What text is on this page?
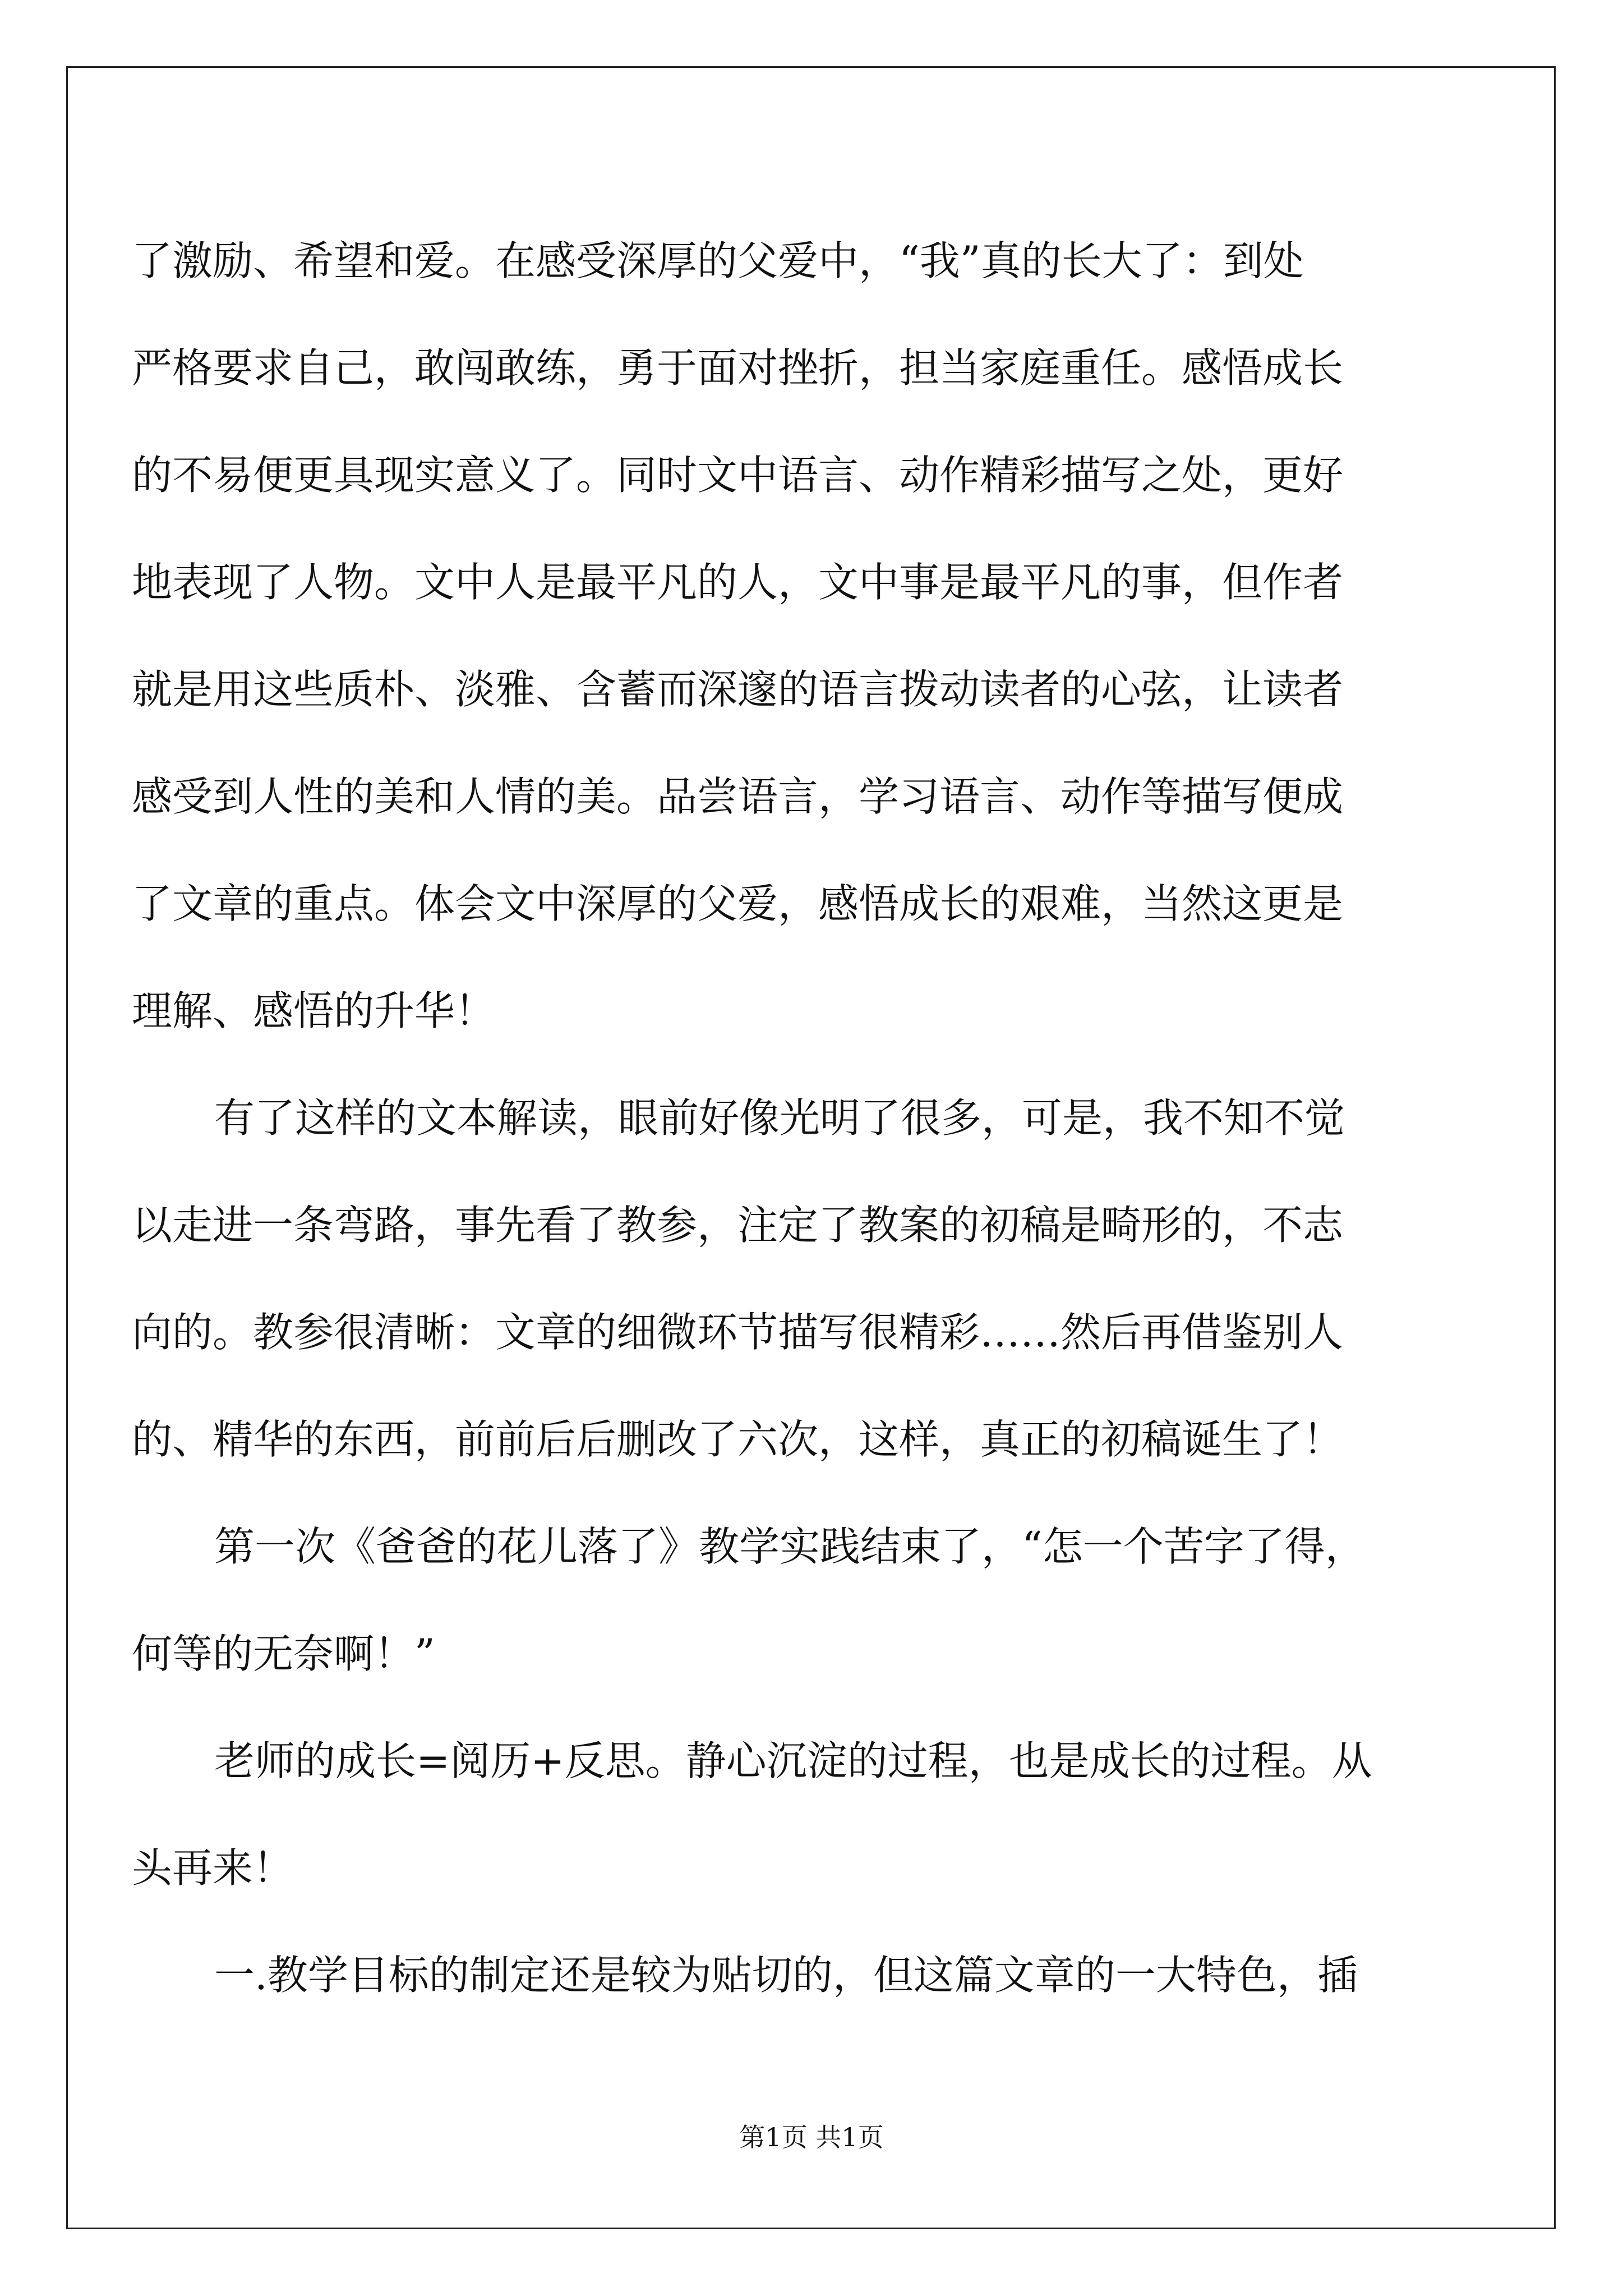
了激励、希望和爱。在感受深厚的父爱中，“我”真的长大了：到处
严格要求自己，敢闯敢练，勇于面对挫折，担当家庭重任。感悟成长
的不易便更具现实意义了。同时文中语言、动作精彩描写之处，更好
地表现了人物。文中人是最平凡的人，文中事是最平凡的事，但作者
就是用这些质朴、淡雅、含蓄而深邃的语言拨动读者的心弦，让读者
感受到人性的美和人情的美。品尝语言，学习语言、动作等描写便成
了文章的重点。体会文中深厚的父爱，感悟成长的艰难，当然这更是
理解、感悟的升华！
有了这样的文本解读，眼前好像光明了很多，可是，我不知不觉
以走进一条弯路，事先看了教参，注定了教案的初稿是畸形的，不志
向的。教参很清晰：文章的细微环节描写很精彩……然后再借鉴别人
的、精华的东西，前前后后删改了六次，这样，真正的初稿诞生了！
第一次《爸爸的花儿落了》教学实践结束了，“怎一个苦字了得，
何等的无奈啊！”
老师的成长=阅历+反思。静心沉淀的过程，也是成长的过程。从
头再来！
一.教学目标的制定还是较为贴切的，但这篇文章的一大特色，插
第1页 共1页
